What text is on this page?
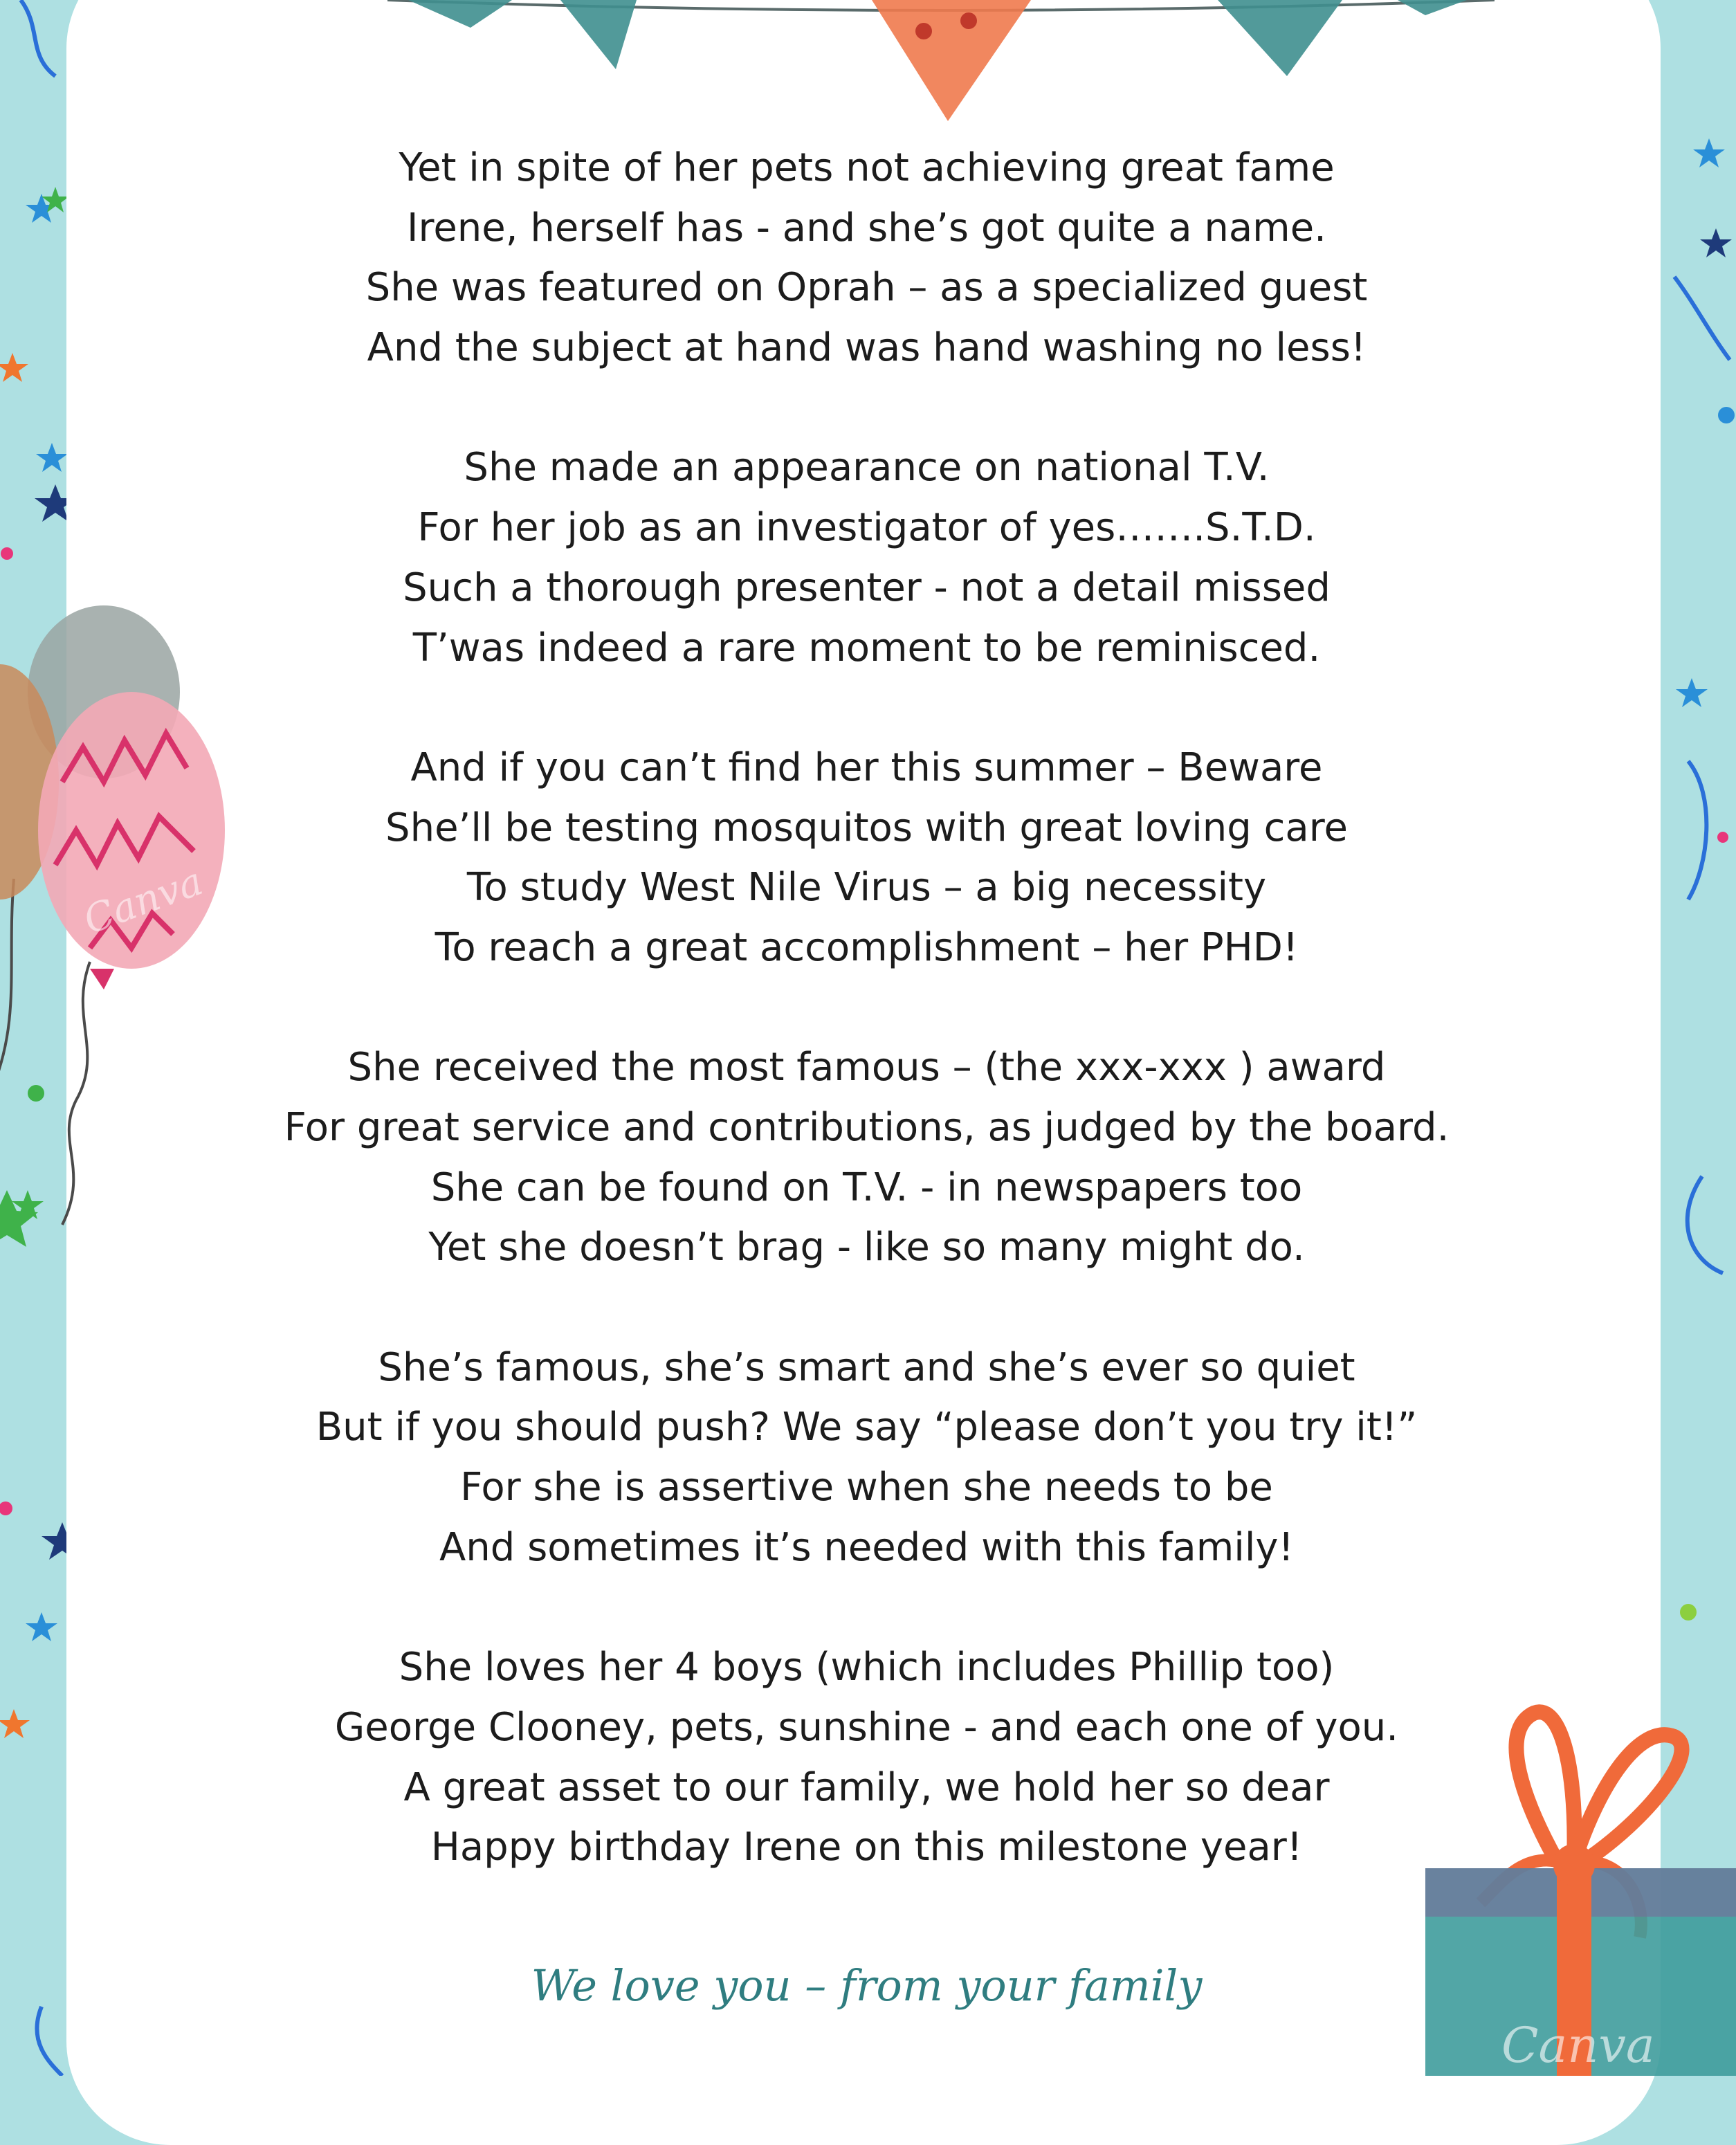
Yet in spite of her pets not achieving great fame
Irene, herself has - and she’s got quite a name.
She was featured on Oprah – as a specialized guest
And the subject at hand was hand washing no less!
She made an appearance on national T.V.
For her job as an investigator of yes…….S.T.D.
Such a thorough presenter - not a detail missed
T’was indeed a rare moment to be reminisced.
And if you can’t find her this summer – Beware
She’ll be testing mosquitos with great loving care
To study West Nile Virus – a big necessity
To reach a great accomplishment – her PHD!
She received the most famous – (the xxx-xxx ) award
For great service and contributions, as judged by the board.
She can be found on T.V. - in newspapers too
Yet she doesn’t brag - like so many might do.
She’s famous, she’s smart and she’s ever so quiet
But if you should push? We say “please don’t you try it!”
For she is assertive when she needs to be
And sometimes it’s needed with this family!
She loves her 4 boys (which includes Phillip too)
George Clooney, pets, sunshine - and each one of you.
A great asset to our family, we hold her so dear
Happy birthday Irene on this milestone year!
We love you – from your family
Canva
Canva
